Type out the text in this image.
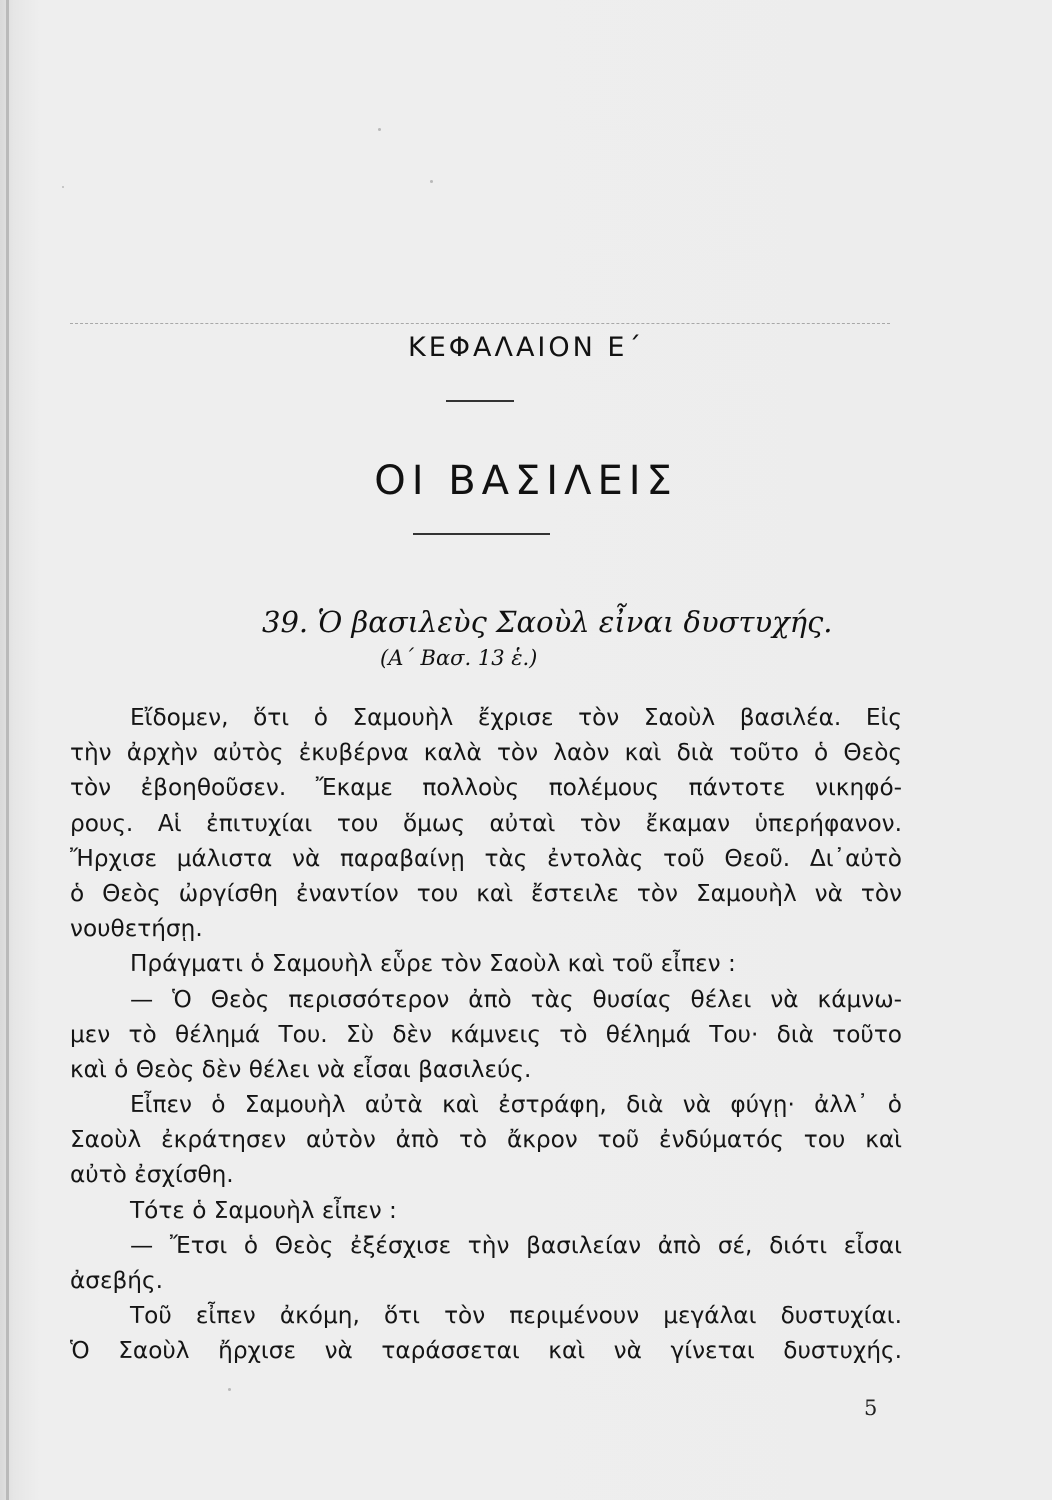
ΚΕΦΑΛΑΙΟΝ Ε΄
ΟΙ ΒΑΣΙΛΕΙΣ
39. Ὁ βασιλεὺς Σαοὺλ εἶναι δυστυχής.
(Α΄ Βασ. 13 ἑ.)
Εἴδομεν, ὅτι ὁ Σαμουὴλ ἔχρισε τὸν Σαοὺλ βασιλέα. Εἰς
τὴν ἀρχὴν αὐτὸς ἐκυβέρνα καλὰ τὸν λαὸν καὶ διὰ τοῦτο ὁ Θεὸς
τὸν ἐβοηθοῦσεν. Ἔκαμε πολλοὺς πολέμους πάντοτε νικηφό-
ρους. Αἱ ἐπιτυχίαι του ὅμως αὐταὶ τὸν ἔκαμαν ὑπερήφανον.
Ἤρχισε μάλιστα νὰ παραβαίνῃ τὰς ἐντολὰς τοῦ Θεοῦ. Δι᾿αὐτὸ
ὁ Θεὸς ὠργίσθη ἐναντίον του καὶ ἔστειλε τὸν Σαμουὴλ νὰ τὸν
νουθετήσῃ.
Πράγματι ὁ Σαμουὴλ εὗρε τὸν Σαοὺλ καὶ τοῦ εἶπεν :
— Ὁ Θεὸς περισσότερον ἀπὸ τὰς θυσίας θέλει νὰ κάμνω-
μεν τὸ θέλημά Του. Σὺ δὲν κάμνεις τὸ θέλημά Του· διὰ τοῦτο
καὶ ὁ Θεὸς δὲν θέλει νὰ εἶσαι βασιλεύς.
Εἶπεν ὁ Σαμουὴλ αὐτὰ καὶ ἐστράφη, διὰ νὰ φύγῃ· ἀλλ᾿ ὁ
Σαοὺλ ἐκράτησεν αὐτὸν ἀπὸ τὸ ἄκρον τοῦ ἐνδύματός του καὶ
αὐτὸ ἐσχίσθη.
Τότε ὁ Σαμουὴλ εἶπεν :
— Ἔτσι ὁ Θεὸς ἐξέσχισε τὴν βασιλείαν ἀπὸ σέ, διότι εἶσαι
ἀσεβής.
Τοῦ εἶπεν ἀκόμη, ὅτι τὸν περιμένουν μεγάλαι δυστυχίαι.
Ὁ Σαοὺλ ἤρχισε νὰ ταράσσεται καὶ νὰ γίνεται δυστυχής.
5
